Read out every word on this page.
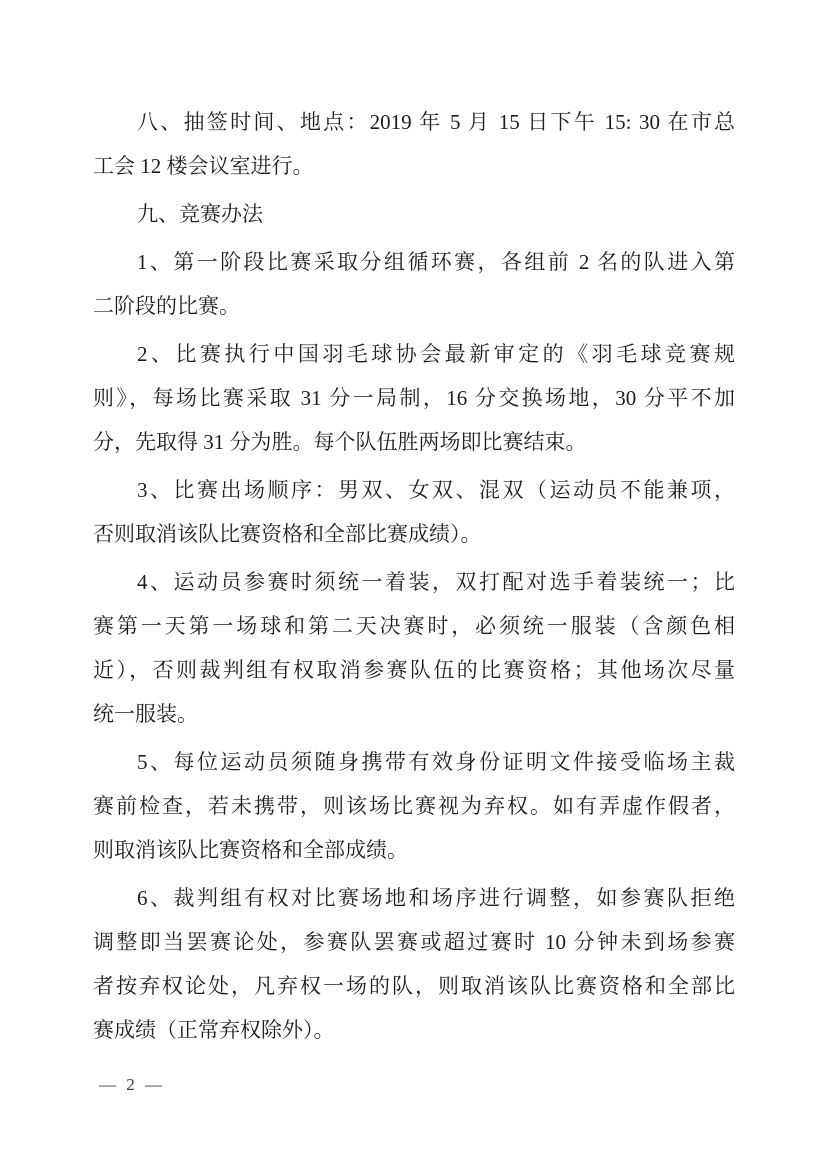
八、抽签时间、地点：2019 年 5 月 15 日下午 15: 30 在市总
工会 12 楼会议室进行。
九、竞赛办法
1、第一阶段比赛采取分组循环赛，各组前 2 名的队进入第
二阶段的比赛。
2、比赛执行中国羽毛球协会最新审定的《羽毛球竞赛规
则》，每场比赛采取 31 分一局制，16 分交换场地，30 分平不加
分，先取得 31 分为胜。每个队伍胜两场即比赛结束。
3、比赛出场顺序：男双、女双、混双（运动员不能兼项，
否则取消该队比赛资格和全部比赛成绩）。
4、运动员参赛时须统一着装，双打配对选手着装统一；比
赛第一天第一场球和第二天决赛时，必须统一服装（含颜色相
近），否则裁判组有权取消参赛队伍的比赛资格；其他场次尽量
统一服装。
5、每位运动员须随身携带有效身份证明文件接受临场主裁
赛前检查，若未携带，则该场比赛视为弃权。如有弄虚作假者，
则取消该队比赛资格和全部成绩。
6、裁判组有权对比赛场地和场序进行调整，如参赛队拒绝
调整即当罢赛论处，参赛队罢赛或超过赛时 10 分钟未到场参赛
者按弃权论处，凡弃权一场的队，则取消该队比赛资格和全部比
赛成绩（正常弃权除外）。
— 2 —
